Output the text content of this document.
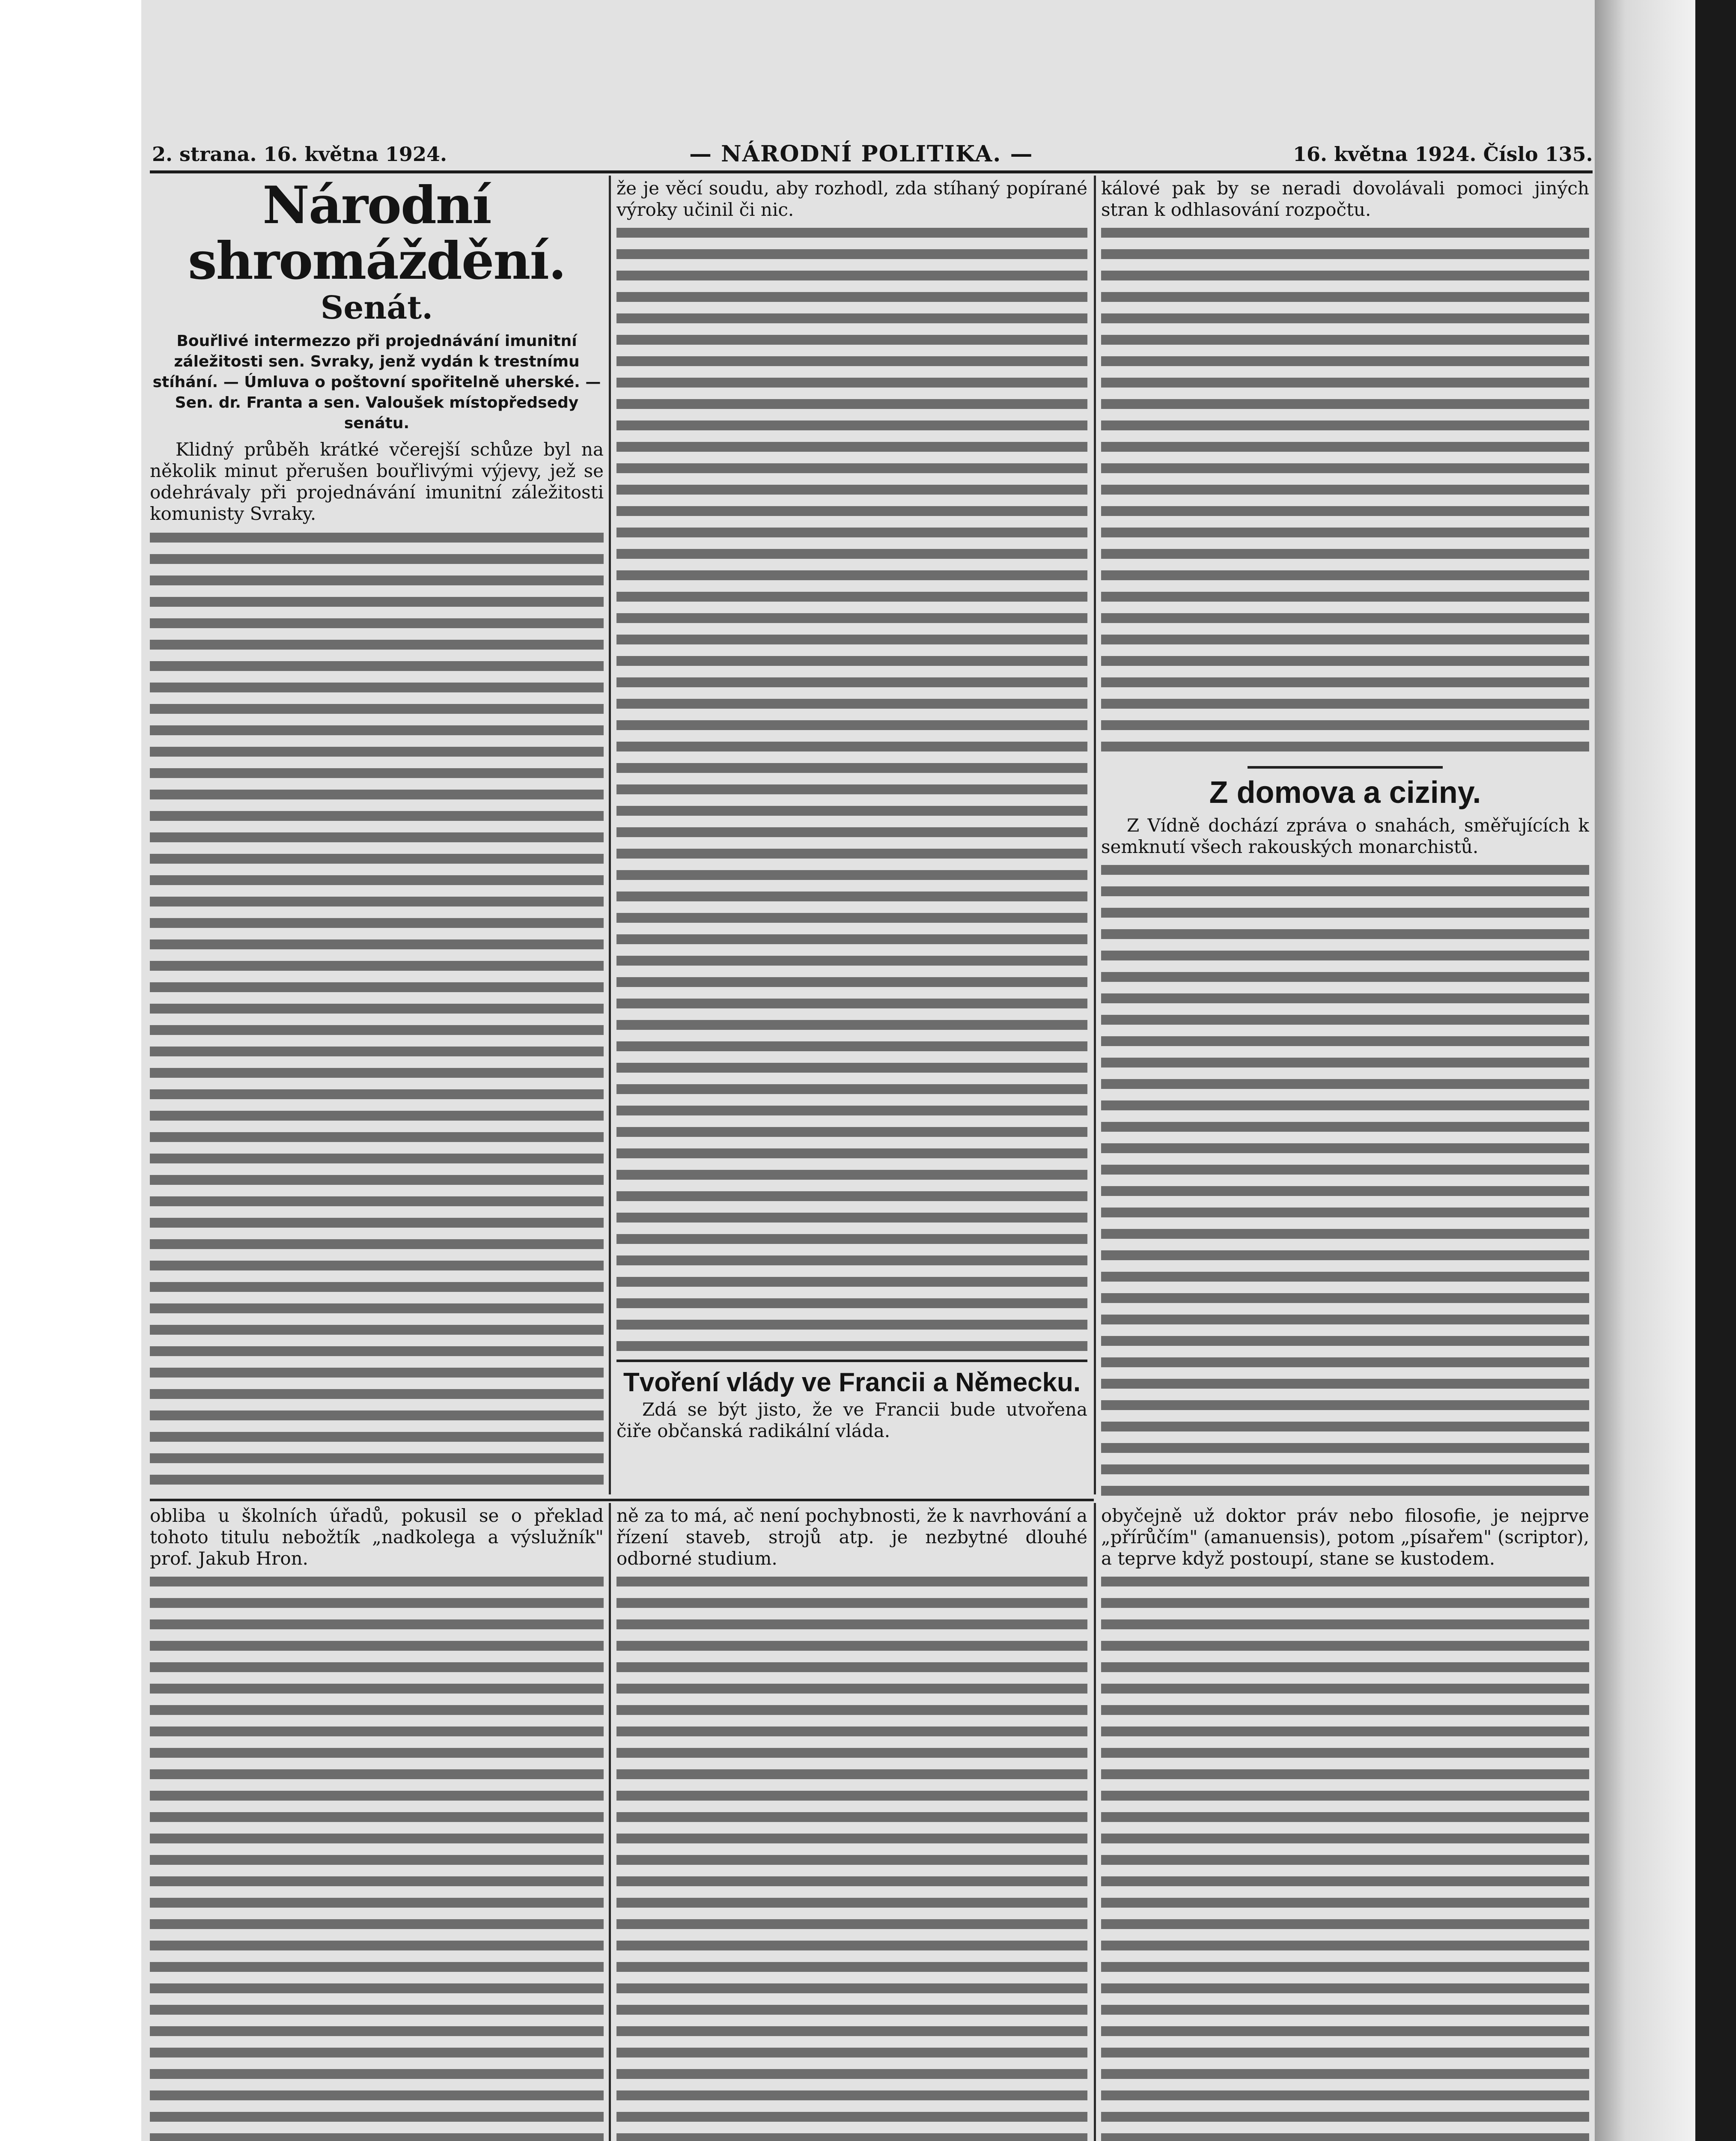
2. strana. 16. května 1924.	— NÁRODNÍ POLITIKA. —	16. května 1924. Číslo 135.
Národní shromáždění.
Senát.
Bouřlivé intermezzo při projednávání imunitní záležitosti sen. Svraky, jenž vydán k trestnímu stíhání. — Úmluva o poštovní spořitelně uherské. — Sen. dr. Franta a sen. Valoušek místopředsedy senátu.

Klidný průběh krátké včerejší schůze byl na několik minut přerušen bouřlivými výjevy, jež se odehrávaly při projednávání imunitní záležitosti komunisty Svraky.

že je věcí soudu, aby rozhodl, zda stíhaný popírané výroky učinil či nic.

Tvoření vlády ve Francii a Německu.

Zdá se být jisto, že ve Francii bude utvořena čiře občanská radikální vláda.

kálové pak by se neradi dovolávali pomoci jiných stran k odhlasování rozpočtu.

Z domova a ciziny.

Z Vídně dochází zpráva o snahách, směřujících k semknutí všech rakouských monarchistů.

obliba u školních úřadů, pokusil se o překlad tohoto titulu nebožtík „nadkolega a výslužník" prof. Jakub Hron.

ně za to má, ač není pochybnosti, že k navrhování a řízení staveb, strojů atp. je nezbytné dlouhé odborné studium.

obyčejně už doktor práv nebo filosofie, je nejprve „přírůčím" (amanuensis), potom „písařem" (scriptor), a teprve když postoupí, stane se kustodem.
